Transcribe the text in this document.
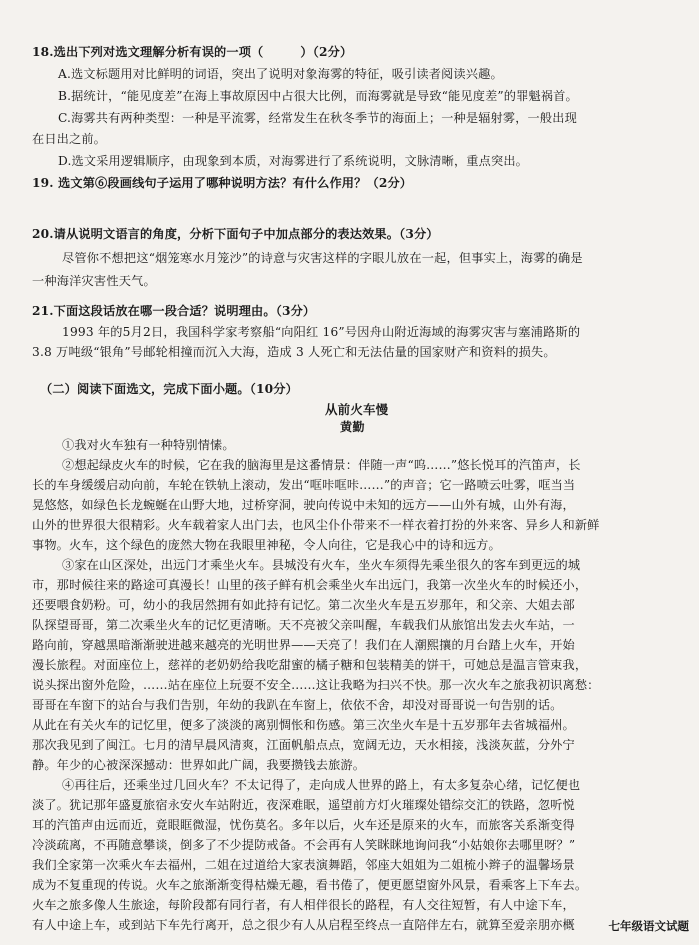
18.选出下列对选文理解分析有误的一项（　　　）（2分）
A.选文标题用对比鲜明的词语，突出了说明对象海雾的特征，吸引读者阅读兴趣。
B.据统计，“能见度差”在海上事故原因中占很大比例，而海雾就是导致“能见度差”的罪魁祸首。
C.海雾共有两种类型：一种是平流雾，经常发生在秋冬季节的海面上；一种是辐射雾，一般出现
在日出之前。
D.选文采用逻辑顺序，由现象到本质，对海雾进行了系统说明，文脉清晰，重点突出。
19. 选文第⑥段画线句子运用了哪种说明方法？有什么作用？（2分）
20.请从说明文语言的角度，分析下面句子中加点部分的表达效果。（3分）
尽管你不想把这“烟笼寒水月笼沙”的诗意与灾害这样的字眼儿放在一起，但事实上，海雾的确是
一种海洋灾害性天气。
21.下面这段话放在哪一段合适？说明理由。（3分）
1993 年的5月2日，我国科学家考察船“向阳红 16”号因舟山附近海域的海雾灾害与塞浦路斯的
3.8 万吨级“银角”号邮轮相撞而沉入大海，造成 3 人死亡和无法估量的国家财产和资料的损失。
（二）阅读下面选文，完成下面小题。（10分）
从前火车慢
黄勤
①我对火车独有一种特别情愫。
②想起绿皮火车的时候，它在我的脑海里是这番情景：伴随一声“呜……”悠长悦耳的汽笛声，长
长的车身缓缓启动向前，车轮在铁轨上滚动，发出“哐咔哐咔……”的声音；它一路喷云吐雾，哐当当
晃悠悠，如绿色长龙蜿蜒在山野大地，过桥穿洞，驶向传说中未知的远方——山外有城，山外有海，
山外的世界很大很精彩。火车载着家人出门去，也风尘仆仆带来不一样衣着打扮的外来客、异乡人和新鲜
事物。火车，这个绿色的庞然大物在我眼里神秘，令人向往，它是我心中的诗和远方。
③家在山区深处，出远门才乘坐火车。县城没有火车，坐火车须得先乘坐很久的客车到更远的城
市，那时候往来的路途可真漫长！山里的孩子鲜有机会乘坐火车出远门，我第一次坐火车的时候还小，
还要喂食奶粉。可，幼小的我居然拥有如此持有记忆。第二次坐火车是五岁那年，和父亲、大姐去部
队探望哥哥，第二次乘坐火车的记忆更清晰。天不亮被父亲叫醒，车载我们从旅馆出发去火车站，一
路向前，穿越黑暗渐渐驶进越来越亮的光明世界——天亮了！我们在人潮熙攘的月台踏上火车，开始
漫长旅程。对面座位上，慈祥的老奶奶给我吃甜蜜的橘子糖和包装精美的饼干，可她总是温言管束我，
说头探出窗外危险，……站在座位上玩耍不安全……这让我略为扫兴不快。那一次火车之旅我初识离愁：
哥哥在车窗下的站台与我们告别，年幼的我趴在车窗上，依依不舍，却没对哥哥说一句告别的话。
从此在有关火车的记忆里，便多了淡淡的离别惆怅和伤感。第三次坐火车是十五岁那年去省城福州。
那次我见到了闽江。七月的清早晨风清爽，江面帆船点点，宽阔无边，天水相接，浅淡灰蓝，分外宁
静。年少的心被深深撼动：世界如此广阔，我要攒钱去旅游。
④再往后，还乘坐过几回火车？不太记得了，走向成人世界的路上，有太多复杂心绪，记忆便也
淡了。犹记那年盛夏旅宿永安火车站附近，夜深难眠，遥望前方灯火璀璨处错综交汇的铁路，忽听悦
耳的汽笛声由远而近，竟眼眶微湿，忧伤莫名。多年以后，火车还是原来的火车，而旅客关系渐变得
冷淡疏离，不再随意攀谈，倒多了不少提防戒备。不会再有人笑眯眯地询问我“小姑娘你去哪里呀？”
我们全家第一次乘火车去福州，二姐在过道给大家表演舞蹈，邻座大姐姐为二姐梳小辫子的温馨场景
成为不复重现的传说。火车之旅渐渐变得枯燥无趣，看书倦了，便更愿望窗外风景，看乘客上下车去。
火车之旅多像人生旅途，每阶段都有同行者，有人相伴很长的路程，有人交往短暂，有人中途下车，
有人中途上车，或到站下车先行离开，总之很少有人从启程至终点一直陪伴左右，就算至爱亲朋亦概	七年级语文试题
